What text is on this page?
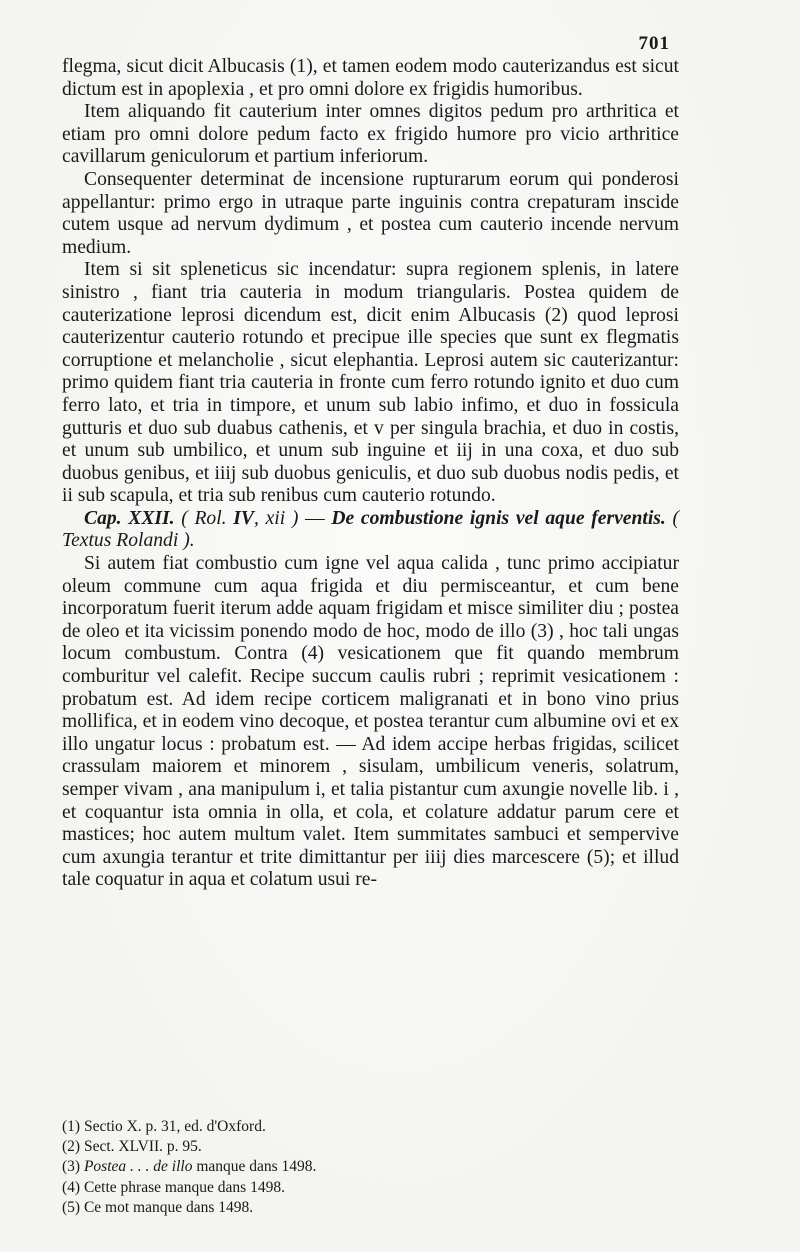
701

flegma, sicut dicit Albucasis (1), et tamen eodem modo cauterizandus est sicut dictum est in apoplexia , et pro omni dolore ex frigidis humoribus.

Item aliquando fit cauterium inter omnes digitos pedum pro arthritica et etiam pro omni dolore pedum facto ex frigido humore pro vicio arthritice cavillarum geniculorum et partium inferiorum.

Consequenter determinat de incensione rupturarum eorum qui ponderosi appellantur: primo ergo in utraque parte inguinis contra crepaturam inscide cutem usque ad nervum dydimum , et postea cum cauterio incende nervum medium.

Item si sit spleneticus sic incendatur: supra regionem splenis, in latere sinistro , fiant tria cauteria in modum triangularis. Postea quidem de cauterizatione leprosi dicendum est, dicit enim Albucasis (2) quod leprosi cauterizentur cauterio rotundo et precipue ille species que sunt ex flegmatis corruptione et melancholie , sicut elephantia. Leprosi autem sic cauterizantur: primo quidem fiant tria cauteria in fronte cum ferro rotundo ignito et duo cum ferro lato, et tria in timpore, et unum sub labio infimo, et duo in fossicula gutturis et duo sub duabus cathenis, et v per singula brachia, et duo in costis, et unum sub umbilico, et unum sub inguine et iij in una coxa, et duo sub duobus genibus, et iiij sub duobus geniculis, et duo sub duobus nodis pedis, et ii sub scapula, et tria sub renibus cum cauterio rotundo.

Cap. XXII. ( Rol. IV, xii ) — De combustione ignis vel aque ferventis. ( Textus Rolandi ).

Si autem fiat combustio cum igne vel aqua calida , tunc primo accipiatur oleum commune cum aqua frigida et diu permisceantur, et cum bene incorporatum fuerit iterum adde aquam frigidam et misce similiter diu ; postea de oleo et ita vicissim ponendo modo de hoc, modo de illo (3) , hoc tali ungas locum combustum. Contra (4) vesicationem que fit quando membrum comburitur vel calefit. Recipe succum caulis rubri ; reprimit vesicationem : probatum est. Ad idem recipe corticem maligranati et in bono vino prius mollifica, et in eodem vino decoque, et postea terantur cum albumine ovi et ex illo ungatur locus : probatum est. — Ad idem accipe herbas frigidas, scilicet crassulam maiorem et minorem , sisulam, umbilicum veneris, solatrum, semper vivam , ana manipulum i, et talia pistantur cum axungie novelle lib. i , et coquantur ista omnia in olla, et cola, et colature addatur parum cere et mastices; hoc autem multum valet. Item summitates sambuci et sempervive cum axungia terantur et trite dimittantur per iiij dies marcescere (5); et illud tale coquatur in aqua et colatum usui re-

(1) Sectio X. p. 31, ed. d'Oxford.

(2) Sect. XLVII. p. 95.

(3) Postea . . . de illo manque dans 1498.

(4) Cette phrase manque dans 1498.

(5) Ce mot manque dans 1498.
